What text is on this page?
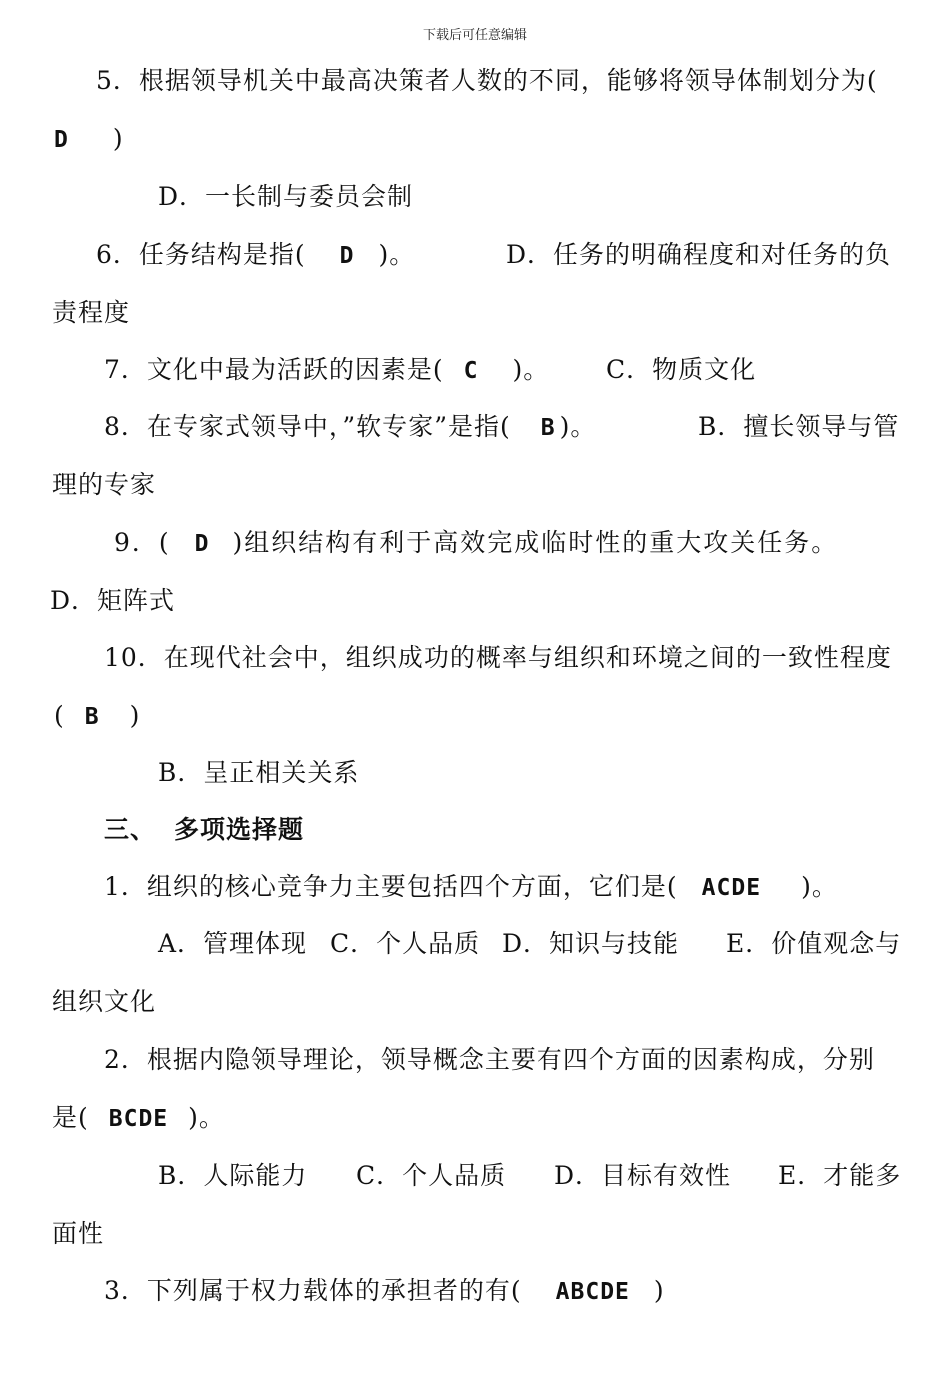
下载后可任意编辑
5．根据领导机关中最高决策者人数的不同，能够将领导体制划分为(
D )
D．一长制与委员会制
6．任务结构是指( D )。	D．任务的明确程度和对任务的负
责程度
7．文化中最为活跃的因素是( C )。 C．物质文化
8．在专家式领导中，”软专家”是指( B )。	B．擅长领导与管
理的专家
9．( D )组织结构有利于高效完成临时性的重大攻关任务。
D．矩阵式
10．在现代社会中，组织成功的概率与组织和环境之间的一致性程度
( B )
B．呈正相关关系
三、 多项选择题
1．组织的核心竞争力主要包括四个方面，它们是( ACDE )。
A．管理体现 C．个人品质 D．知识与技能 E．价值观念与
组织文化
2．根据内隐领导理论，领导概念主要有四个方面的因素构成，分别
是( BCDE )。
B．人际能力 C．个人品质 D．目标有效性 E．才能多
面性
3．下列属于权力载体的承担者的有( ABCDE )
